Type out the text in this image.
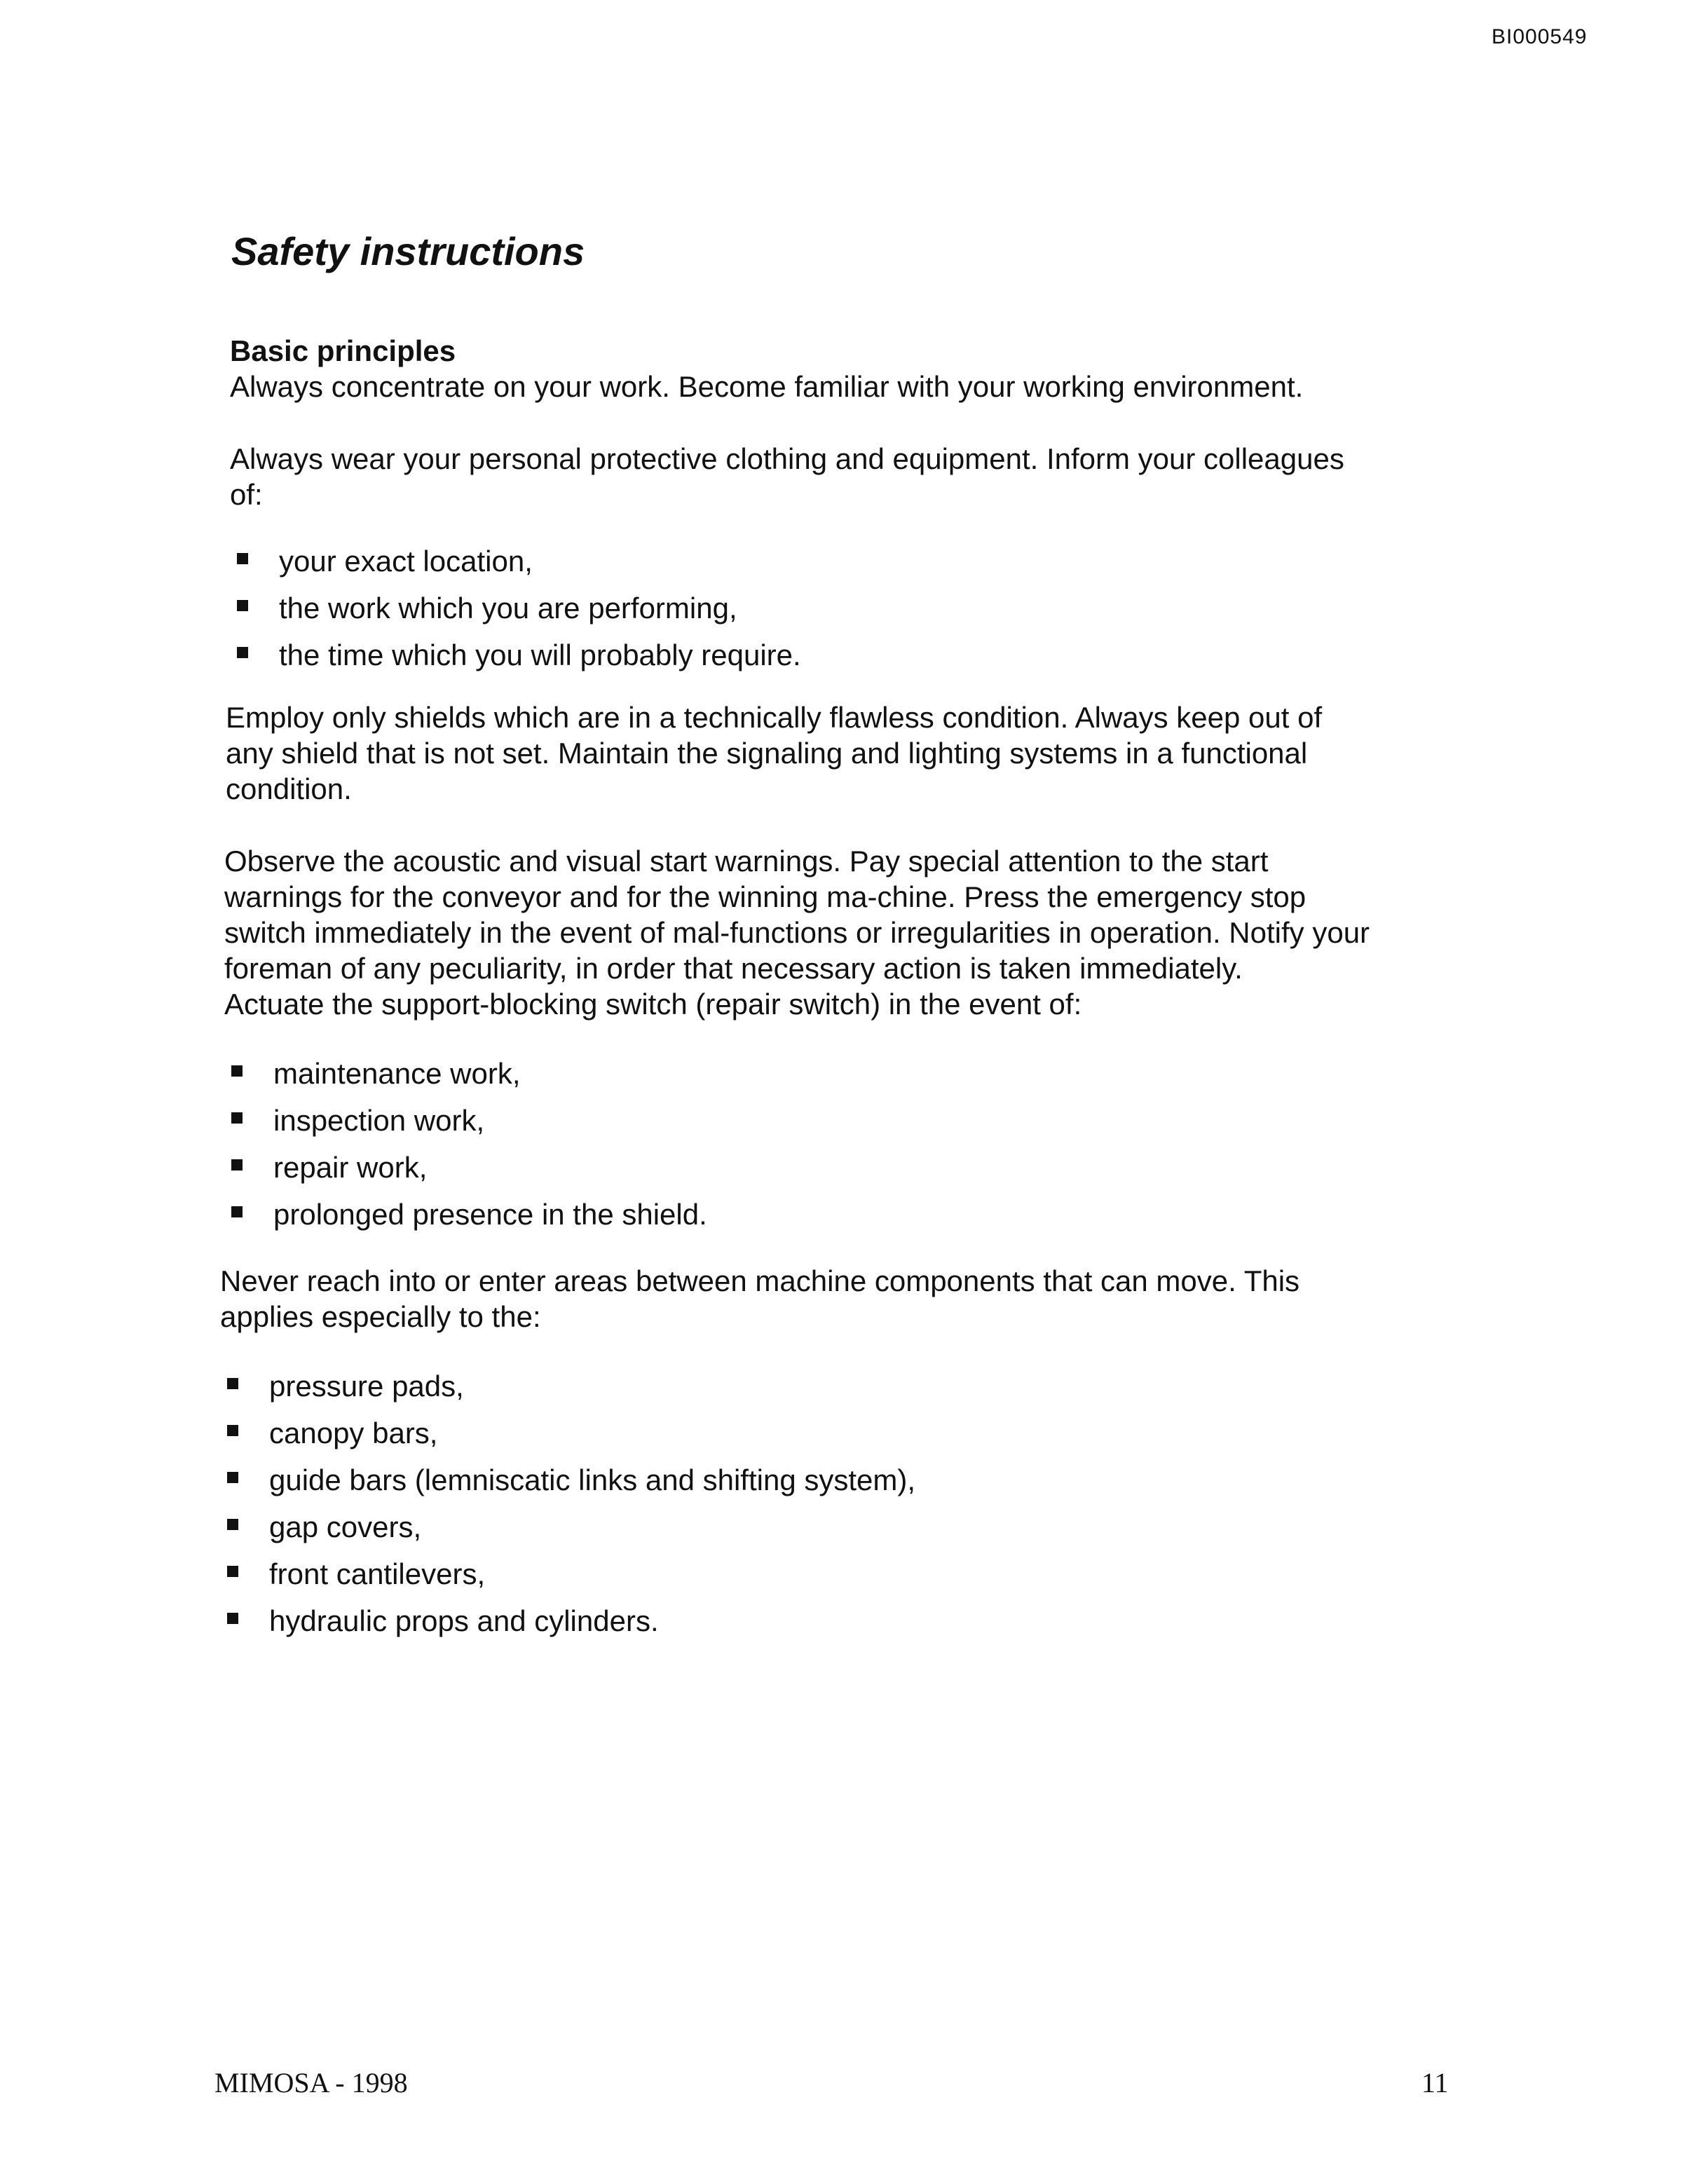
BI000549
Safety instructions
Basic principles

Always concentrate on your work. Become familiar with your working environment.

Always wear your personal protective clothing and equipment. Inform your colleagues
of:

your exact location,
the work which you are performing,
the time which you will probably require.

Employ only shields which are in a technically flawless condition. Always keep out of
any shield that is not set. Maintain the signaling and lighting systems in a functional
condition.

Observe the acoustic and visual start warnings. Pay special attention to the start
warnings for the conveyor and for the winning ma-chine. Press the emergency stop
switch immediately in the event of mal-functions or irregularities in operation. Notify your
foreman of any peculiarity, in order that necessary action is taken immediately.
Actuate the support-blocking switch (repair switch) in the event of:

maintenance work,
inspection work,
repair work,
prolonged presence in the shield.

Never reach into or enter areas between machine components that can move. This
applies especially to the:

pressure pads,
canopy bars,
guide bars (lemniscatic links and shifting system),
gap covers,
front cantilevers,
hydraulic props and cylinders.
MIMOSA - 1998	11
